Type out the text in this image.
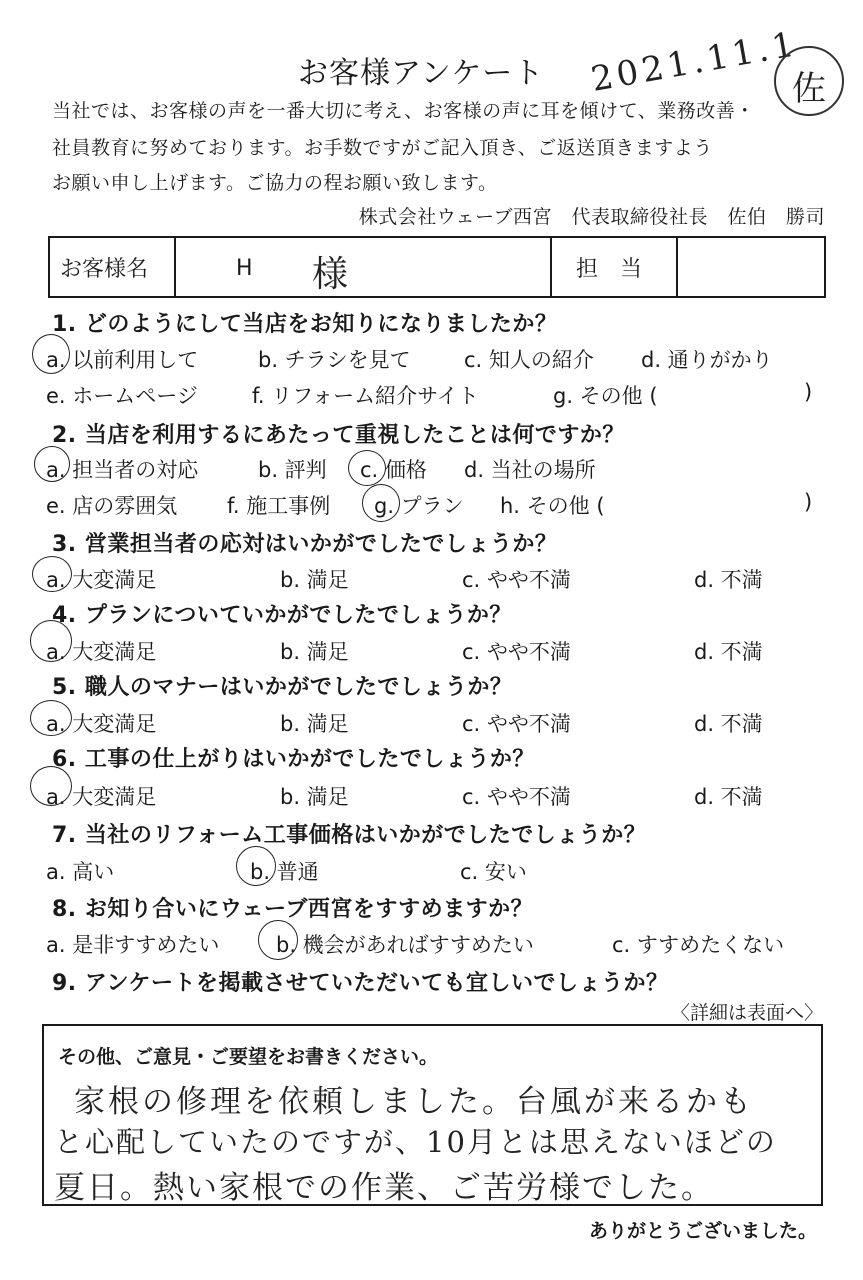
お客様アンケート 2021.11.1
佐
当社では、お客様の声を一番大切に考え、お客様の声に耳を傾けて、業務改善・
社員教育に努めております。お手数ですがご記入頂き、ご返送頂きますよう
お願い申し上げます。ご協力の程お願い致します。
株式会社ウェーブ西宮　代表取締役社長　佐伯　勝司
お客様名	H 様	担　当
1. どのようにして当店をお知りになりましたか？
a. 以前利用して	b. チラシを見て	c. 知人の紹介 d. 通りがかり
e. ホームページ	f. リフォーム紹介サイト	g. その他 (	)
2. 当店を利用するにあたって重視したことは何ですか？
a. 担当者の対応	b. 評判 c. 価格 d. 当社の場所
e. 店の雰囲気 f. 施工事例 g. プラン h. その他 (	)
3. 営業担当者の応対はいかがでしたでしょうか？
a. 大変満足	b. 満足	c. やや不満	d. 不満
4. プランについていかがでしたでしょうか？
a. 大変満足	b. 満足	c. やや不満	d. 不満
5. 職人のマナーはいかがでしたでしょうか？
a. 大変満足	b. 満足	c. やや不満	d. 不満
6. 工事の仕上がりはいかがでしたでしょうか？
a. 大変満足	b. 満足	c. やや不満	d. 不満
7. 当社のリフォーム工事価格はいかがでしたでしょうか？
a. 高い	b. 普通	c. 安い
8. お知り合いにウェーブ西宮をすすめますか？
a. 是非すすめたい	b. 機会があればすすめたい	c. すすめたくない
9. アンケートを掲載させていただいても宜しいでしょうか？
〈詳細は表面へ〉
その他、ご意見・ご要望をお書きください。
家根の修理を依頼しました。台風が来るかも
と心配していたのですが、10月とは思えないほどの
夏日。熱い家根での作業、ご苦労様でした。
ありがとうございました。
